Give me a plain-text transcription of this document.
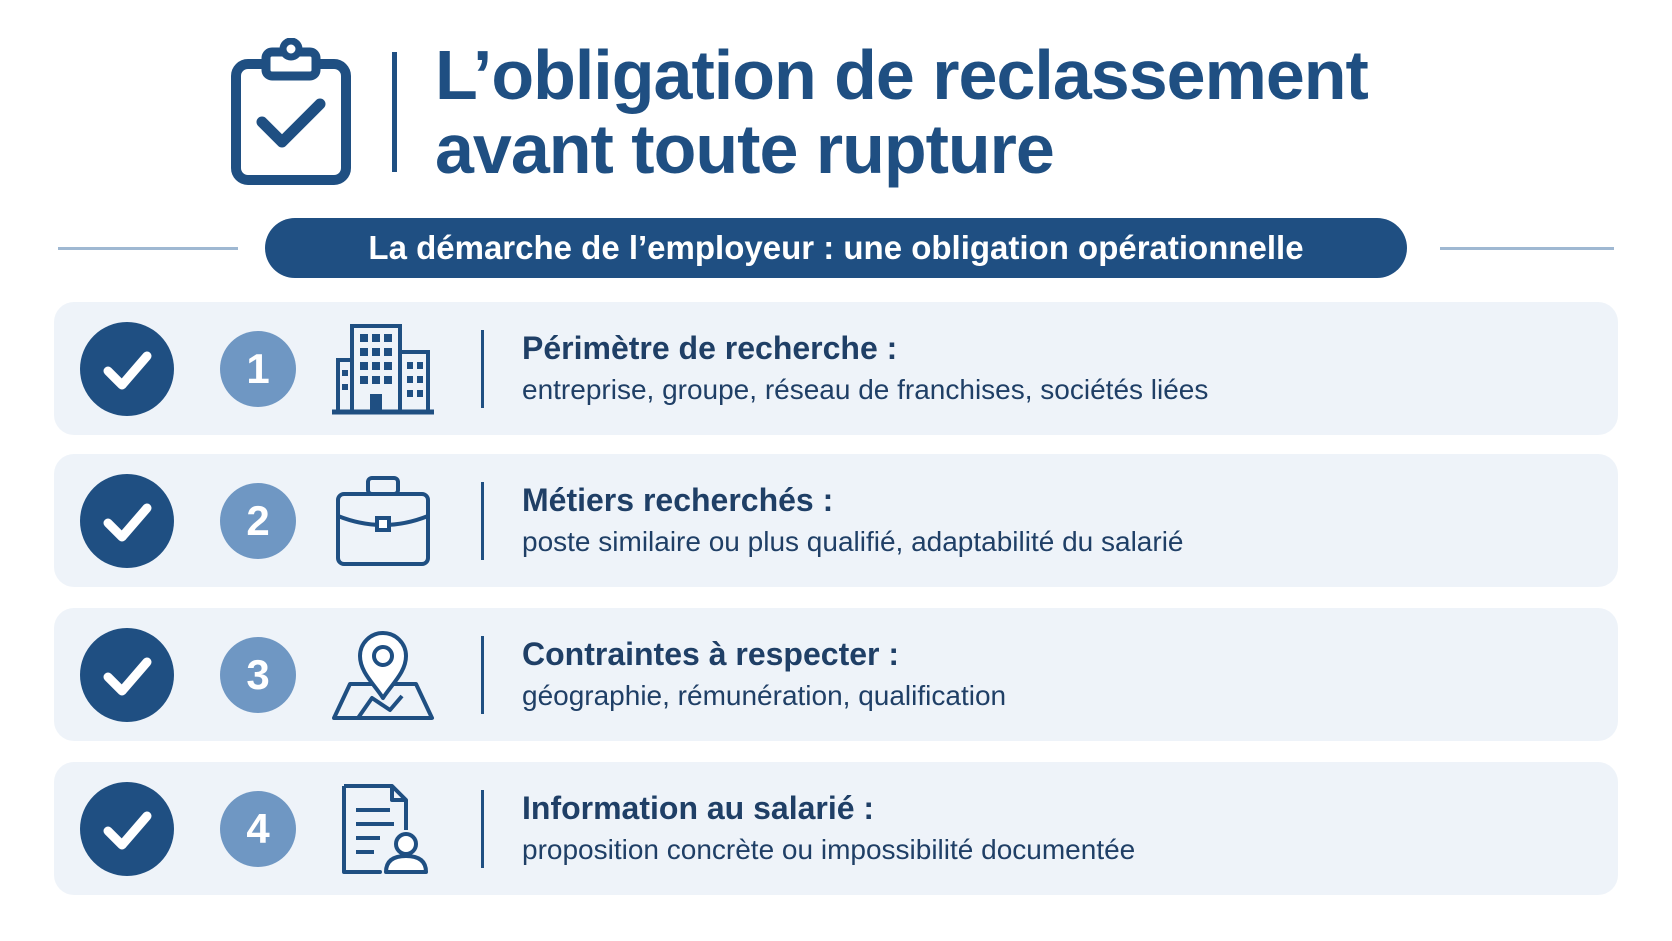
L’obligation de reclassement
avant toute rupture
La démarche de l’employeur : une obligation opérationnelle
1	Périmètre de recherche :
entreprise, groupe, réseau de franchises, sociétés liées
2	Métiers recherchés :
poste similaire ou plus qualifié, adaptabilité du salarié
3	Contraintes à respecter :
géographie, rémunération, qualification
4	Information au salarié :
proposition concrète ou impossibilité documentée
